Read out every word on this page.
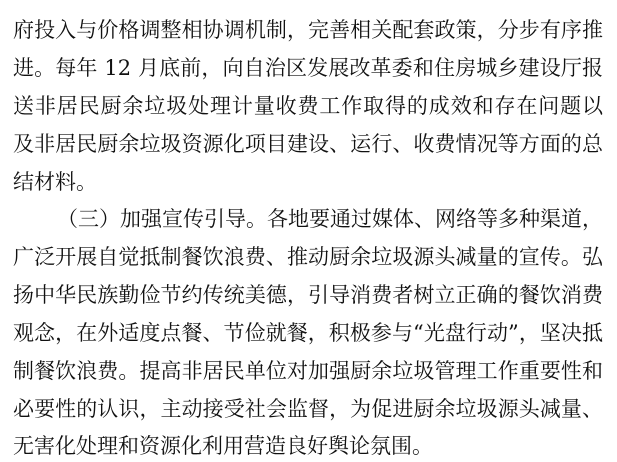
府投入与价格调整相协调机制，完善相关配套政策，分步有序推
进。每年 12 月底前，向自治区发展改革委和住房城乡建设厅报
送非居民厨余垃圾处理计量收费工作取得的成效和存在问题以
及非居民厨余垃圾资源化项目建设、运行、收费情况等方面的总
结材料。
（三）加强宣传引导。各地要通过媒体、网络等多种渠道，
广泛开展自觉抵制餐饮浪费、推动厨余垃圾源头减量的宣传。弘
扬中华民族勤俭节约传统美德，引导消费者树立正确的餐饮消费
观念，在外适度点餐、节俭就餐，积极参与“光盘行动”，坚决抵
制餐饮浪费。提高非居民单位对加强厨余垃圾管理工作重要性和
必要性的认识，主动接受社会监督，为促进厨余垃圾源头减量、
无害化处理和资源化利用营造良好舆论氛围。
